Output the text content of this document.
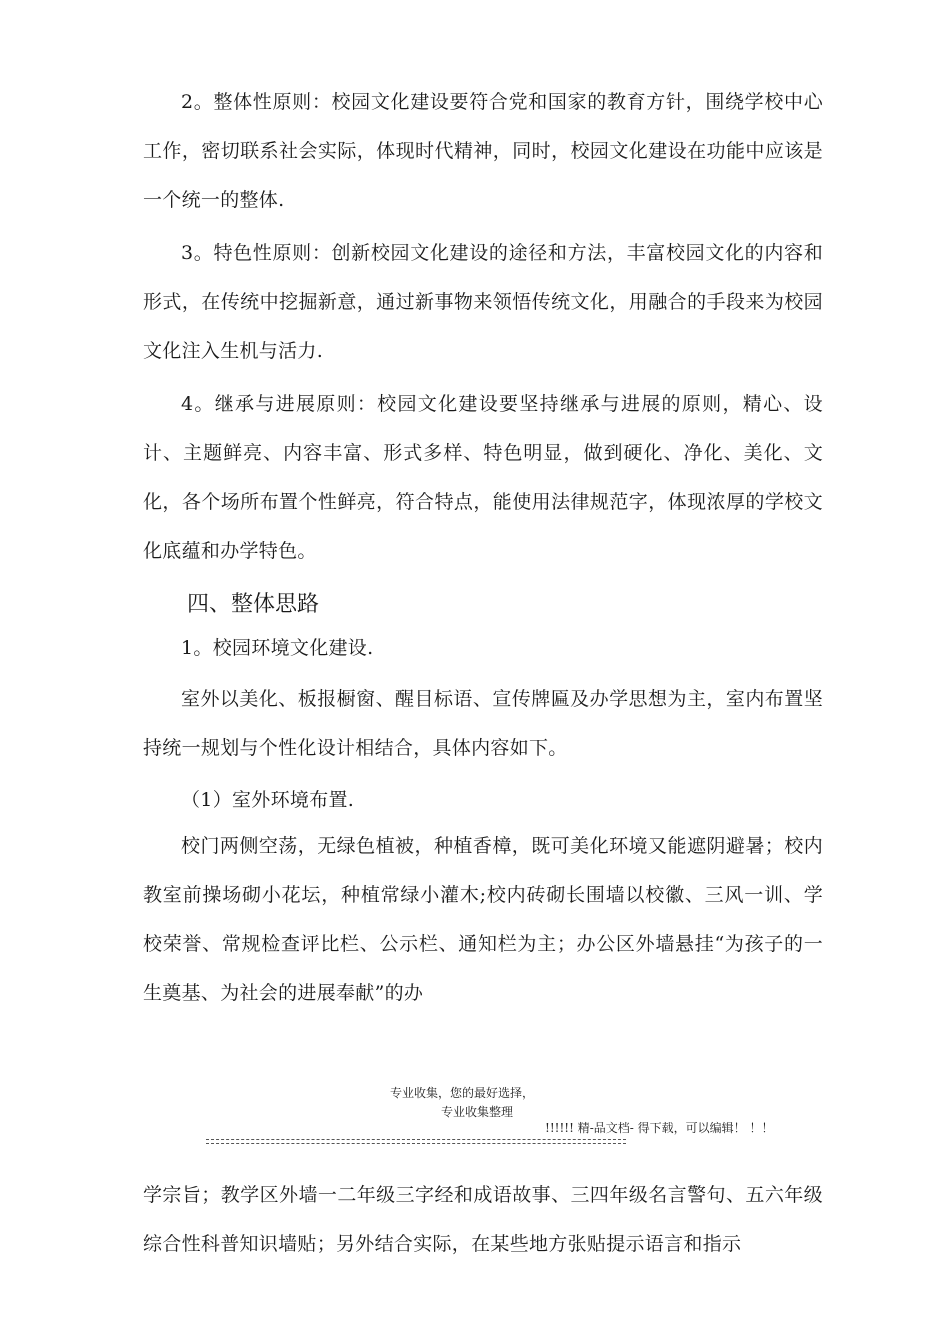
2。整体性原则：校园文化建设要符合党和国家的教育方针，围绕学校中心工作，密切联系社会实际，体现时代精神，同时，校园文化建设在功能中应该是一个统一的整体.

3。特色性原则：创新校园文化建设的途径和方法，丰富校园文化的内容和形式，在传统中挖掘新意，通过新事物来领悟传统文化，用融合的手段来为校园文化注入生机与活力.

4。继承与进展原则：校园文化建设要坚持继承与进展的原则，精心、设计、主题鲜亮、内容丰富、形式多样、特色明显，做到硬化、净化、美化、文化，各个场所布置个性鲜亮，符合特点，能使用法律规范字，体现浓厚的学校文化底蕴和办学特色。

四、整体思路

1。校园环境文化建设.

室外以美化、板报橱窗、醒目标语、宣传牌匾及办学思想为主，室内布置坚持统一规划与个性化设计相结合，具体内容如下。

（1）室外环境布置.

校门两侧空荡，无绿色植被，种植香樟，既可美化环境又能遮阴避暑；校内教室前操场砌小花坛，种植常绿小灌木;校内砖砌长围墙以校徽、三风一训、学校荣誉、常规检查评比栏、公示栏、通知栏为主；办公区外墙悬挂“为孩子的一生奠基、为社会的进展奉献”的办

专业收集，您的最好选择，
专业收集整理
!!!!!! 精-品文档- 得下载，可以编辑！ ！！

学宗旨；教学区外墙一二年级三字经和成语故事、三四年级名言警句、五六年级综合性科普知识墙贴；另外结合实际，在某些地方张贴提示语言和指示
